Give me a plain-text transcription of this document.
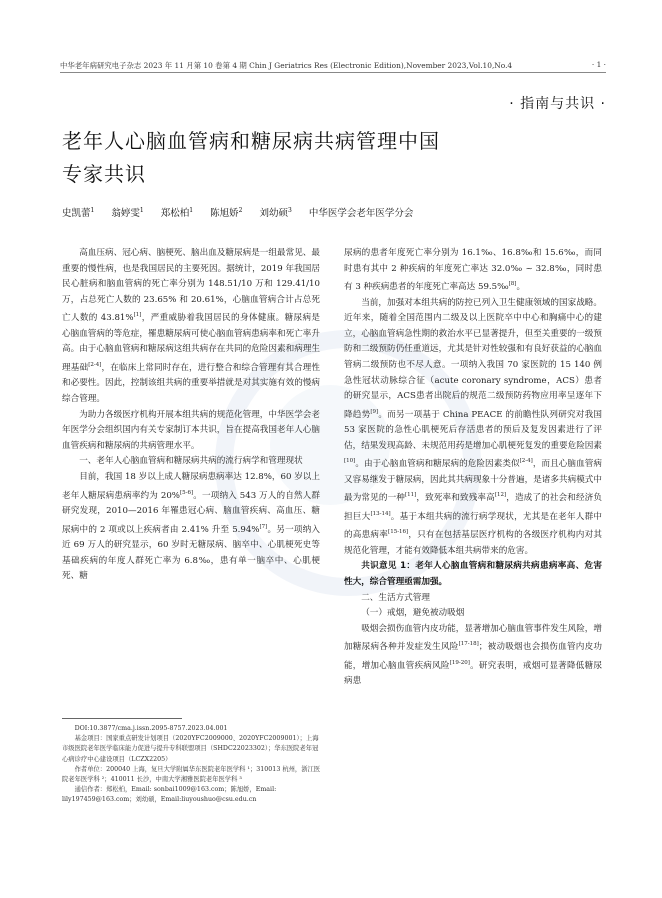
中华老年病研究电子杂志 2023 年 11 月第 10 卷第 4 期 Chin J Geriatrics Res (Electronic Edition),November 2023,Vol.10,No.4	· 1 ·
· 指南与共识 ·
老年人心脑血管病和糖尿病共病管理中国
专家共识
史凯蕾$^1$ 翁婷雯$^1$ 郑松柏$^1$ 陈旭娇$^2$ 刘幼硕$^3$ 中华医学会老年医学分会

高血压病、冠心病、脑梗死、脑出血及糖尿病是一组最常见、最重要的慢性病，也是我国居民的主要死因。据统计，2019 年我国居民心脏病和脑血管病的死亡率分别为 148.51/10 万和 129.41/10 万，占总死亡人数的 23.65% 和 20.61%，心脑血管病合计占总死亡人数的 43.81%[1]，严重威胁着我国居民的身体健康。糖尿病是心脑血管病的等危症，罹患糖尿病可使心脑血管病患病率和死亡率升高。由于心脑血管病和糖尿病这组共病存在共同的危险因素和病理生理基础[2-4]，在临床上常同时存在，进行整合和综合管理有其合理性和必要性。因此，控制该组共病的重要举措就是对其实施有效的慢病综合管理。

为助力各级医疗机构开展本组共病的规范化管理，中华医学会老年医学分会组织国内有关专家制订本共识，旨在提高我国老年人心脑血管疾病和糖尿病的共病管理水平。

一、老年人心脑血管病和糖尿病共病的流行病学和管理现状

目前，我国 18 岁以上成人糖尿病患病率达 12.8%，60 岁以上老年人糖尿病患病率约为 20%[5-6]。一项纳入 543 万人的自然人群研究发现，2010—2016 年罹患冠心病、脑血管疾病、高血压、糖尿病中的 2 项或以上疾病者由 2.41% 升至 5.94%[7]。另一项纳入近 69 万人的研究显示，60 岁时无糖尿病、脑卒中、心肌梗死史等基础疾病的年度人群死亡率为 6.8‰，患有单一脑卒中、心肌梗死、糖

DOI:10.3877/cma.j.issn.2095-8757.2023.04.001
基金项目：国家重点研发计划项目（2020YFC2009000、2020YFC2009001）；上海市级医院老年医学临床能力促进与提升专科联盟项目（SHDC22023302）；华东医院老年冠心病诊疗中心建设项目（LCZX2205）
作者单位：200040 上海，复旦大学附属华东医院老年医学科 ¹；310013 杭州，浙江医院老年医学科 ²；410011 长沙，中南大学湘雅医院老年医学科 ³
通信作者：郑松柏，Email: sonbai1009@163.com；陈旭娇，Email: lily197459@163.com；刘幼硕，Email:liuyoushuo@csu.edu.cn

尿病的患者年度死亡率分别为 16.1‰、16.8‰和 15.6‰，而同时患有其中 2 种疾病的年度死亡率达 32.0‰ ~ 32.8‰，同时患有 3 种疾病患者的年度死亡率高达 59.5‰[8]。

当前，加强对本组共病的防控已列入卫生健康领域的国家战略。近年来，随着全国范围内二级及以上医院卒中中心和胸痛中心的建立，心脑血管病急性期的救治水平已显著提升，但至关重要的一级预防和二级预防仍任重道远，尤其是针对性较强和有良好获益的心脑血管病二级预防也不尽人意。一项纳入我国 70 家医院的 15 140 例急性冠状动脉综合征（acute coronary syndrome，ACS）患者的研究显示，ACS患者出院后的规范二级预防药物应用率呈逐年下降趋势[9]。而另一项基于 China PEACE 的前瞻性队列研究对我国 53 家医院的急性心肌梗死后存活患者的预后及复发因素进行了评估，结果发现高龄、未规范用药是增加心肌梗死复发的重要危险因素[10]。由于心脑血管病和糖尿病的危险因素类似[2-4]，而且心脑血管病又容易继发于糖尿病，因此其共病现象十分普遍，是诸多共病模式中最为常见的一种[11]，致死率和致残率高[12]，造成了的社会和经济负担巨大[13-14]。基于本组共病的流行病学现状，尤其是在老年人群中的高患病率[15-16]，只有在包括基层医疗机构的各级医疗机构内对其规范化管理，才能有效降低本组共病带来的危害。

共识意见 1：老年人心脑血管病和糖尿病共病患病率高、危害性大，综合管理亟需加强。

二、生活方式管理

（一）戒烟，避免被动吸烟

吸烟会损伤血管内皮功能，显著增加心脑血管事件发生风险，增加糖尿病各种并发症发生风险[17-18]；被动吸烟也会损伤血管内皮功能，增加心脑血管疾病风险[19-20]。研究表明，戒烟可显著降低糖尿病患
